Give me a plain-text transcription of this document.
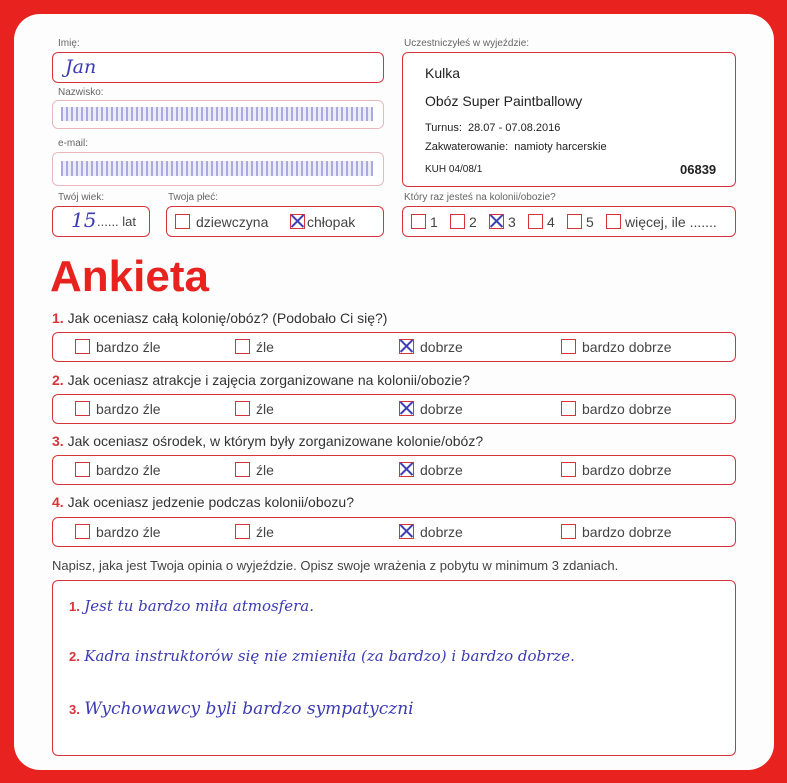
Imię:
Jan
Nazwisko:
e-mail:
Twój wiek:
15 ...... lat
Twoja płeć:
dziewczyna	chłopak
Uczestniczyłeś w wyjeździe:
Kulka
Obóz Super Paintballowy
Turnus: 28.07 - 07.08.2016
Zakwaterowanie: namioty harcerskie
KUH 04/08/1	06839
Który raz jesteś na kolonii/obozie?
1	2	3	4	5	więcej, ile .......
Ankieta
1. Jak oceniasz całą kolonię/obóz? (Podobało Ci się?)
bardzo źle	źle	dobrze	bardzo dobrze
2. Jak oceniasz atrakcje i zajęcia zorganizowane na kolonii/obozie?
bardzo źle	źle	dobrze	bardzo dobrze
3. Jak oceniasz ośrodek, w którym były zorganizowane kolonie/obóz?
bardzo źle	źle	dobrze	bardzo dobrze
4. Jak oceniasz jedzenie podczas kolonii/obozu?
bardzo źle	źle	dobrze	bardzo dobrze
Napisz, jaka jest Twoja opinia o wyjeździe. Opisz swoje wrażenia z pobytu w minimum 3 zdaniach.
1. Jest tu bardzo miła atmosfera.
2. Kadra instruktorów się nie zmieniła (za bardzo) i bardzo dobrze.
3. Wychowawcy byli bardzo sympatyczni
